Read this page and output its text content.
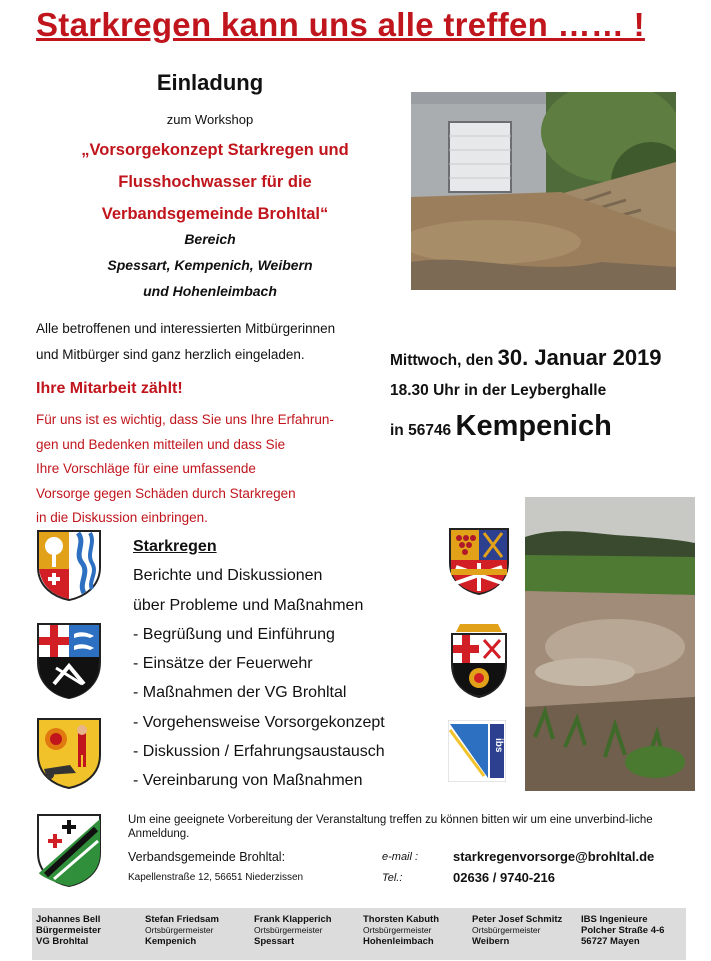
Starkregen kann uns alle treffen …… !
Einladung
zum Workshop
„Vorsorgekonzept Starkregen und
Flusshochwasser für die
Verbandsgemeinde Brohltal“
Bereich
Spessart, Kempenich, Weibern
und Hohenleimbach
Alle betroffenen und interessierten Mitbürgerinnen
und Mitbürger sind ganz herzlich eingeladen.	Mittwoch, den 30. Januar 2019
18.30 Uhr in der Leyberghalle
in 56746 Kempenich
Ihre Mitarbeit zählt!
Für uns ist es wichtig, dass Sie uns Ihre Erfahrun-
gen und Bedenken mitteilen und dass Sie
Ihre Vorschläge für eine umfassende
Vorsorge gegen Schäden durch Starkregen
in die Diskussion einbringen.
Starkregen
Berichte und Diskussionen
über Probleme und Maßnahmen
- Begrüßung und Einführung
- Einsätze der Feuerwehr
- Maßnahmen der VG Brohltal
- Vorgehensweise Vorsorgekonzept
- Diskussion / Erfahrungsaustausch
- Vereinbarung von Maßnahmen
ibs
Um eine geeignete Vorbereitung der Veranstaltung treffen zu können bitten wir um eine unverbind-liche Anmeldung.
Verbandsgemeinde Brohltal:
Kapellenstraße 12, 56651 Niederzissen
e-mail :	starkregenvorsorge@brohltal.de
Tel.:	02636 / 9740-216
Johannes Bell
Bürgermeister
VG Brohltal
Stefan Friedsam
Ortsbürgermeister
Kempenich
Frank Klapperich
Ortsbürgermeister
Spessart
Thorsten Kabuth
Ortsbürgermeister
Hohenleimbach
Peter Josef Schmitz
Ortsbürgermeister
Weibern
IBS Ingenieure
Polcher Straße 4-6
56727 Mayen
